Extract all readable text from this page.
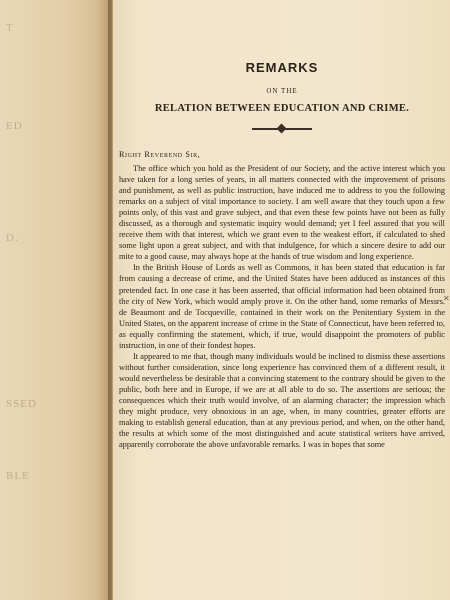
T
ED
D.
SSED
BLE
REMARKS
ON THE
RELATION BETWEEN EDUCATION AND CRIME.
Right Reverend Sir,

The office which you hold as the President of our Society, and the active interest which you have taken for a long series of years, in all matters connected with the improvement of prisons and punishment, as well as public instruction, have induced me to address to you the following remarks on a subject of vital importance to society. I am well aware that they touch upon a few points only, of this vast and grave subject, and that even these few points have not been as fully discussed, as a thorough and systematic inquiry would demand; yet I feel assured that you will receive them with that interest, which we grant even to the weakest effort, if calculated to shed some light upon a great subject, and with that indulgence, for which a sincere desire to add our mite to a good cause, may always hope at the hands of true wisdom and long experience.

In the British House of Lords as well as Commons, it has been stated that education is far from causing a decrease of crime, and the United States have been adduced as instances of this pretended fact. In one case it has been asserted, that official information had been obtained from the city of New York, which would amply prove it. On the other hand, some remarks of Messrs. de Beaumont and de Tocqueville, contained in their work on the Penitentiary System in the United States, on the apparent increase of crime in the State of Connecticut, have been referred to, as equally confirming the statement, which, if true, would disappoint the promoters of public instruction, in one of their fondest hopes.

It appeared to me that, though many individuals would be inclined to dismiss these assertions without further consideration, since long experience has convinced them of a different result, it would nevertheless be desirable that a convincing statement to the contrary should be given to the public, both here and in Europe, if we are at all able to do so. The assertions are serious; the consequences which their truth would involve, of an alarming character; the impression which they might produce, very obnoxious in an age, when, in many countries, greater efforts are making to establish general education, than at any previous period, and when, on the other hand, the results at which some of the most distinguished and acute statistical writers have arrived, apparently corroborate the above unfavorable remarks. I was in hopes that some

✕
